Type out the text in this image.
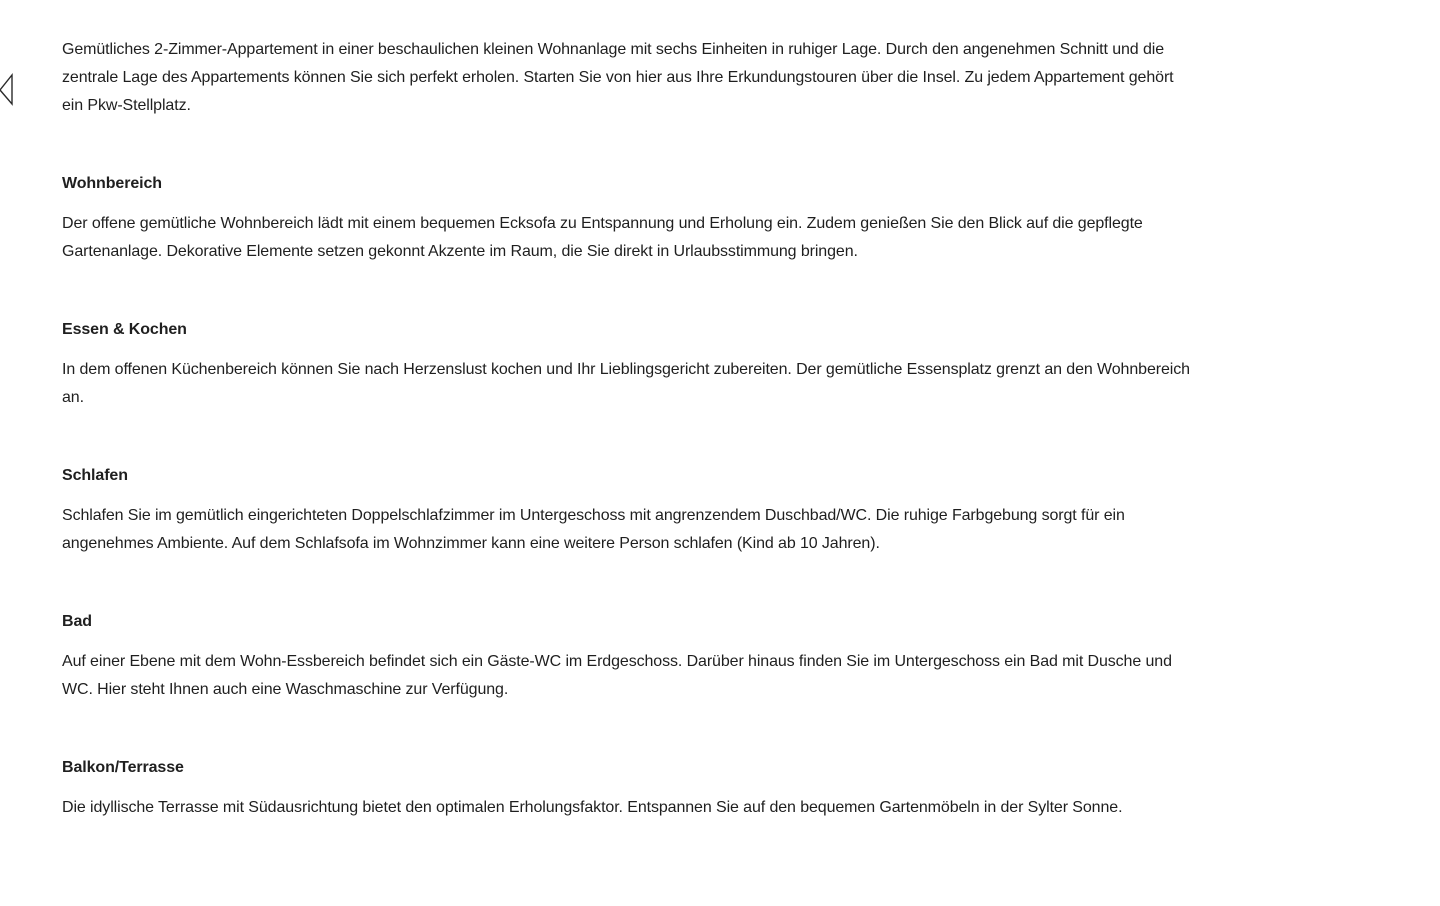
Gemütliches 2-Zimmer-Appartement in einer beschaulichen kleinen Wohnanlage mit sechs Einheiten in ruhiger Lage. Durch den angenehmen Schnitt und die
zentrale Lage des Appartements können Sie sich perfekt erholen. Starten Sie von hier aus Ihre Erkundungstouren über die Insel. Zu jedem Appartement gehört
ein Pkw-Stellplatz.
Wohnbereich
Der offene gemütliche Wohnbereich lädt mit einem bequemen Ecksofa zu Entspannung und Erholung ein. Zudem genießen Sie den Blick auf die gepflegte
Gartenanlage. Dekorative Elemente setzen gekonnt Akzente im Raum, die Sie direkt in Urlaubsstimmung bringen.
Essen & Kochen
In dem offenen Küchenbereich können Sie nach Herzenslust kochen und Ihr Lieblingsgericht zubereiten. Der gemütliche Essensplatz grenzt an den Wohnbereich
an.
Schlafen
Schlafen Sie im gemütlich eingerichteten Doppelschlafzimmer im Untergeschoss mit angrenzendem Duschbad/WC. Die ruhige Farbgebung sorgt für ein
angenehmes Ambiente. Auf dem Schlafsofa im Wohnzimmer kann eine weitere Person schlafen (Kind ab 10 Jahren).
Bad
Auf einer Ebene mit dem Wohn-Essbereich befindet sich ein Gäste-WC im Erdgeschoss. Darüber hinaus finden Sie im Untergeschoss ein Bad mit Dusche und
WC. Hier steht Ihnen auch eine Waschmaschine zur Verfügung.
Balkon/Terrasse
Die idyllische Terrasse mit Südausrichtung bietet den optimalen Erholungsfaktor. Entspannen Sie auf den bequemen Gartenmöbeln in der Sylter Sonne.
